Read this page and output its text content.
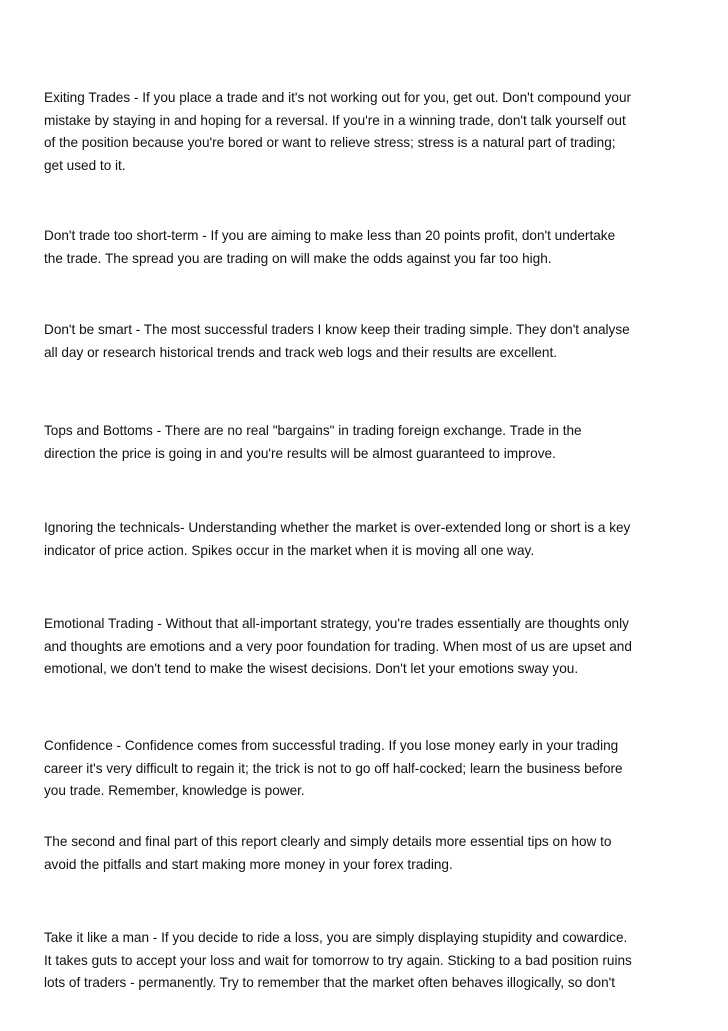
Exiting Trades - If you place a trade and it's not working out for you, get out. Don't compound your
mistake by staying in and hoping for a reversal. If you're in a winning trade, don't talk yourself out
of the position because you're bored or want to relieve stress; stress is a natural part of trading;
get used to it.
Don't trade too short-term - If you are aiming to make less than 20 points profit, don't undertake
the trade. The spread you are trading on will make the odds against you far too high.
Don't be smart - The most successful traders I know keep their trading simple. They don't analyse
all day or research historical trends and track web logs and their results are excellent.
Tops and Bottoms - There are no real "bargains" in trading foreign exchange. Trade in the
direction the price is going in and you're results will be almost guaranteed to improve.
Ignoring the technicals- Understanding whether the market is over-extended long or short is a key
indicator of price action. Spikes occur in the market when it is moving all one way.
Emotional Trading - Without that all-important strategy, you're trades essentially are thoughts only
and thoughts are emotions and a very poor foundation for trading. When most of us are upset and
emotional, we don't tend to make the wisest decisions. Don't let your emotions sway you.
Confidence - Confidence comes from successful trading. If you lose money early in your trading
career it's very difficult to regain it; the trick is not to go off half-cocked; learn the business before
you trade. Remember, knowledge is power.
The second and final part of this report clearly and simply details more essential tips on how to
avoid the pitfalls and start making more money in your forex trading.
Take it like a man - If you decide to ride a loss, you are simply displaying stupidity and cowardice.
It takes guts to accept your loss and wait for tomorrow to try again. Sticking to a bad position ruins
lots of traders - permanently. Try to remember that the market often behaves illogically, so don't
